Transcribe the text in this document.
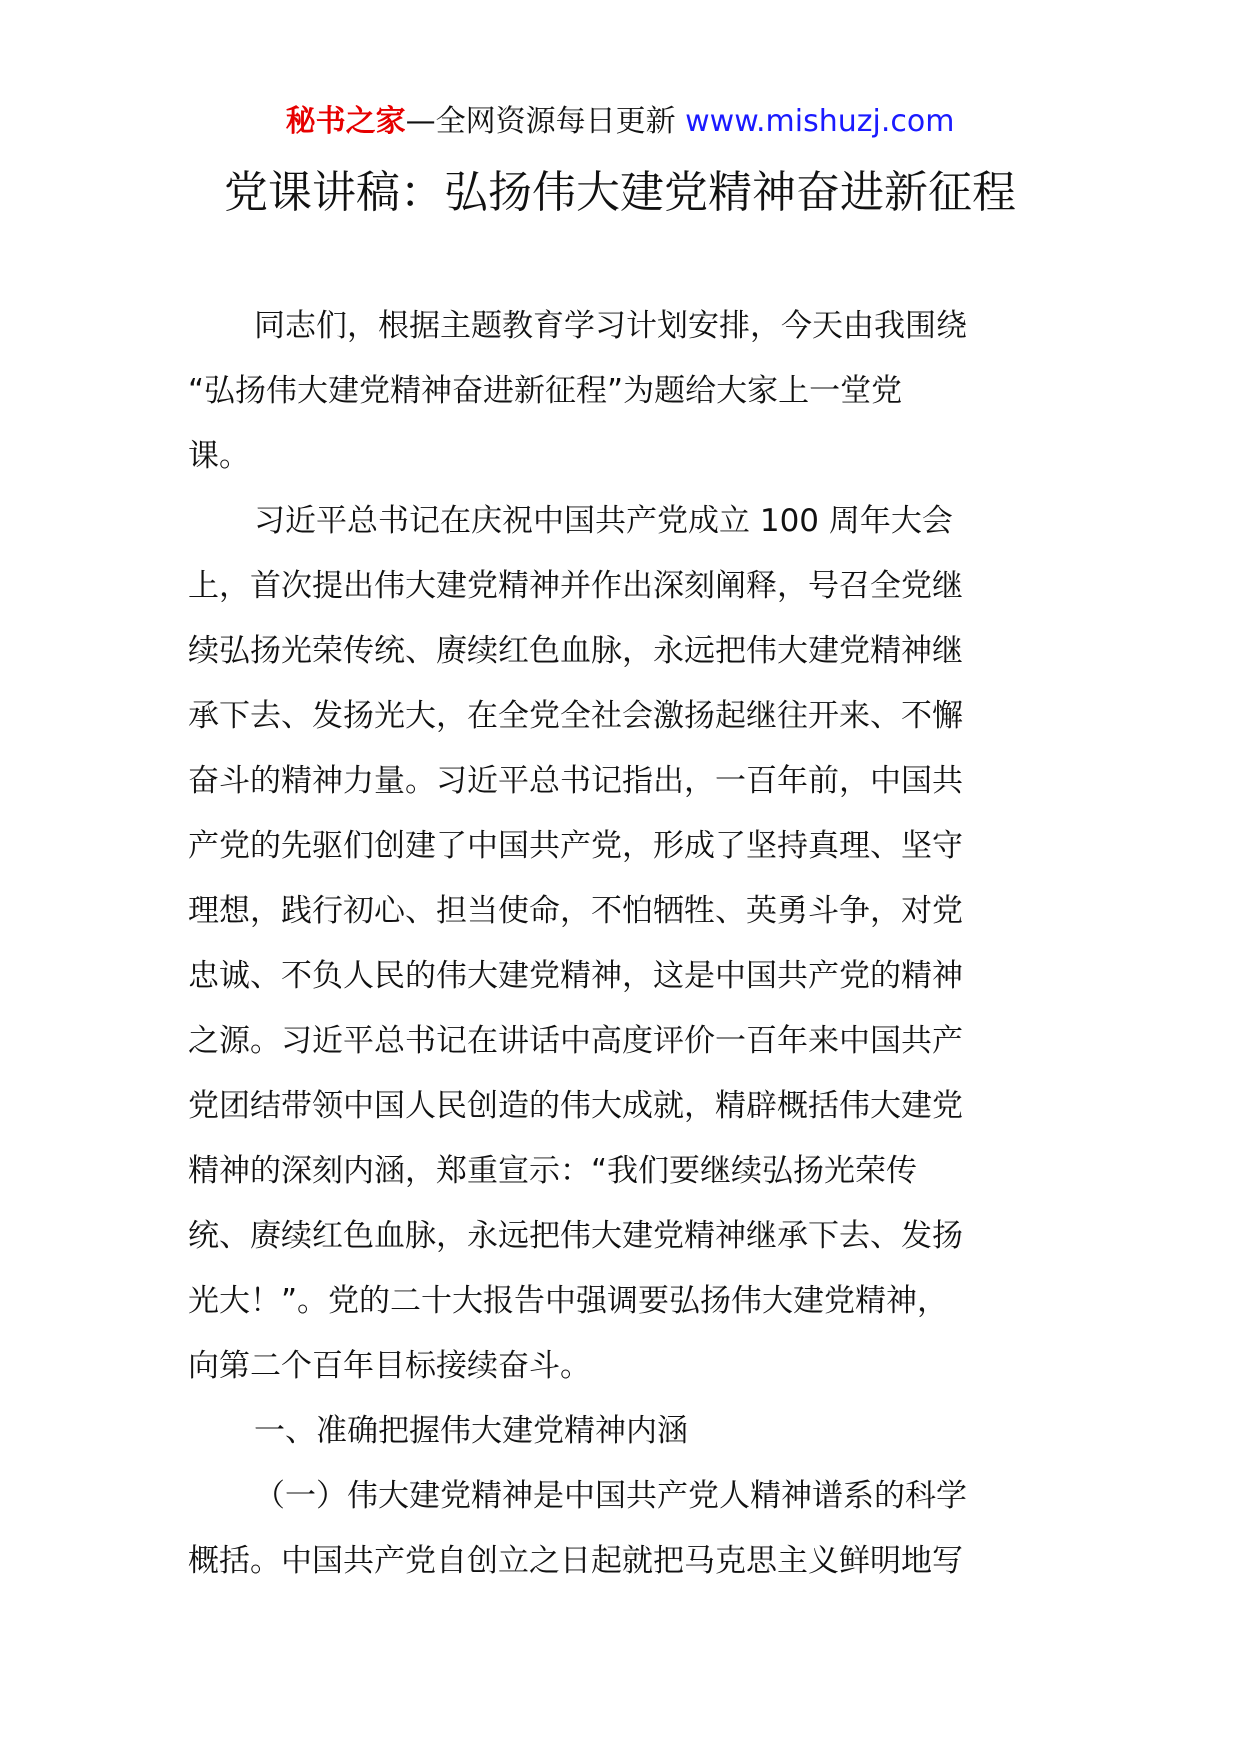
秘书之家—全网资源每日更新 www.mishuzj.com
党课讲稿：弘扬伟大建党精神奋进新征程
同志们，根据主题教育学习计划安排，今天由我围绕
“弘扬伟大建党精神奋进新征程”为题给大家上一堂党
课。
习近平总书记在庆祝中国共产党成立 100 周年大会
上，首次提出伟大建党精神并作出深刻阐释，号召全党继
续弘扬光荣传统、赓续红色血脉，永远把伟大建党精神继
承下去、发扬光大，在全党全社会激扬起继往开来、不懈
奋斗的精神力量。习近平总书记指出，一百年前，中国共
产党的先驱们创建了中国共产党，形成了坚持真理、坚守
理想，践行初心、担当使命，不怕牺牲、英勇斗争，对党
忠诚、不负人民的伟大建党精神，这是中国共产党的精神
之源。习近平总书记在讲话中高度评价一百年来中国共产
党团结带领中国人民创造的伟大成就，精辟概括伟大建党
精神的深刻内涵，郑重宣示：“我们要继续弘扬光荣传
统、赓续红色血脉，永远把伟大建党精神继承下去、发扬
光大！”。党的二十大报告中强调要弘扬伟大建党精神，
向第二个百年目标接续奋斗。
一、准确把握伟大建党精神内涵
（一）伟大建党精神是中国共产党人精神谱系的科学
概括。中国共产党自创立之日起就把马克思主义鲜明地写
